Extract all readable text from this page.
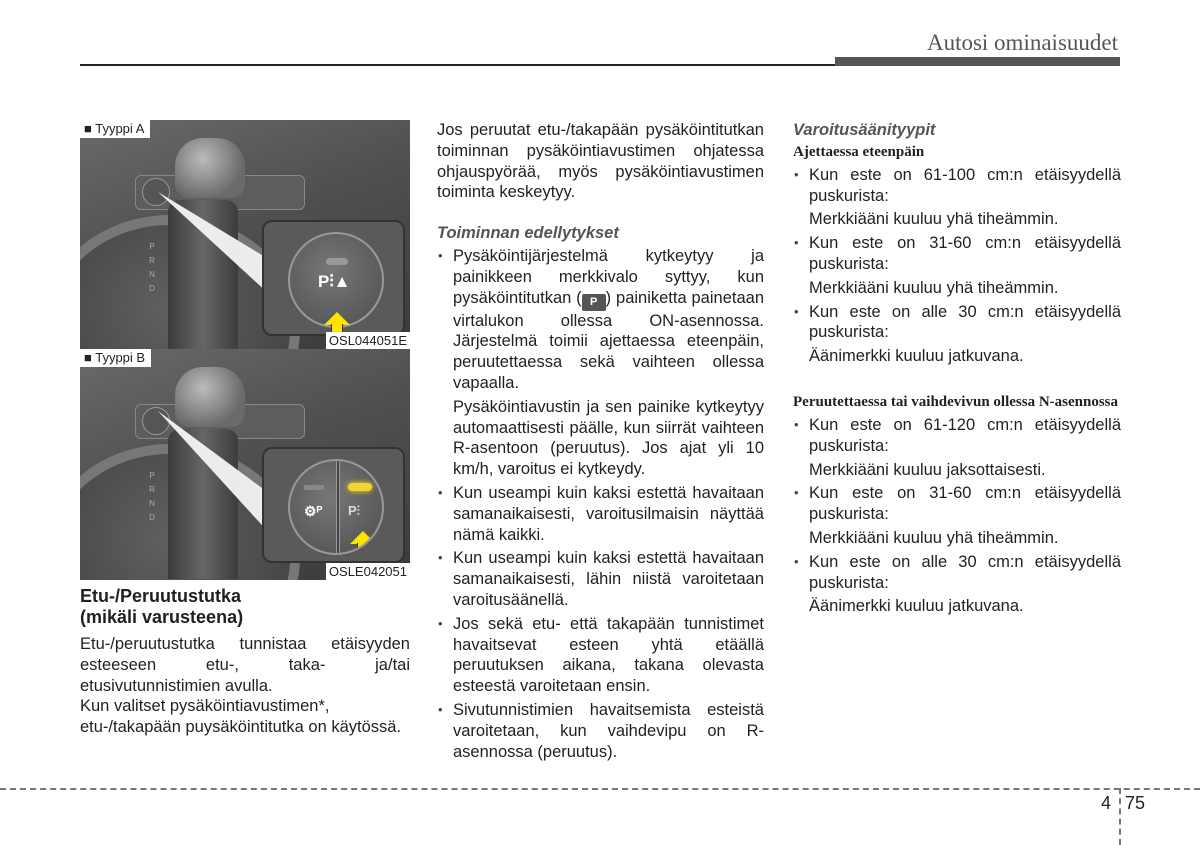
Autosi ominaisuudet
P
R
N
D	P⫶▲
■ Tyyppi A
OSL044051E
P
R
N
D	⚙ᴾ P⫶
■ Tyyppi B
OSLE042051
Etu-/Peruutustutka
(mikäli varusteena)

Etu-/peruutustutka tunnistaa etäisyyden esteeseen etu-, taka- ja/tai etusivutunnistimien avulla.

Kun valitset pysäköintiavustimen*, etu-/takapään puysäköintitutka on käytössä.

Jos peruutat etu-/takapään pysäköintitutkan toiminnan pysäköintiavustimen ohjatessa ohjauspyörää, myös pysäköintiavustimen toiminta keskeytyy.

Toiminnan edellytykset
• Pysäköintijärjestelmä kytkeytyy ja painikkeen merkkivalo syttyy, kun pysäköintitutkan ( P ) painiketta painetaan virtalukon ollessa ON-asennossa. Järjestelmä toimii ajettaessa eteenpäin, peruutettaessa sekä vaihteen ollessa vapaalla.

Pysäköintiavustin ja sen painike kytkeytyy automaattisesti päälle, kun siirrät vaihteen R-asentoon (peruutus). Jos ajat yli 10 km/h, varoitus ei kytkeydy.

• Kun useampi kuin kaksi estettä havaitaan samanaikaisesti, varoitusilmaisin näyttää nämä kaikki.
• Kun useampi kuin kaksi estettä havaitaan samanaikaisesti, lähin niistä varoitetaan varoitusäänellä.
• Jos sekä etu- että takapään tunnistimet havaitsevat esteen yhtä etäällä peruutuksen aikana, takana olevasta esteestä varoitetaan ensin.
• Sivutunnistimien havaitsemista esteistä varoitetaan, kun vaihdevipu on R-asennossa (peruutus).
Varoitusäänityypit
Ajettaessa eteenpäin
• Kun este on 61-100 cm:n etäisyydellä puskurista:
Merkkiääni kuuluu yhä tiheämmin.
• Kun este on 31-60 cm:n etäisyydellä puskurista:
Merkkiääni kuuluu yhä tiheämmin.
• Kun este on alle 30 cm:n etäisyydellä puskurista:
Äänimerkki kuuluu jatkuvana.
Peruutettaessa tai vaihdevivun ollessa N-asennossa
• Kun este on 61-120 cm:n etäisyydellä puskurista:
Merkkiääni kuuluu jaksottaisesti.
• Kun este on 31-60 cm:n etäisyydellä puskurista:
Merkkiääni kuuluu yhä tiheämmin.
• Kun este on alle 30 cm:n etäisyydellä puskurista:
Äänimerkki kuuluu jatkuvana.
4 75
